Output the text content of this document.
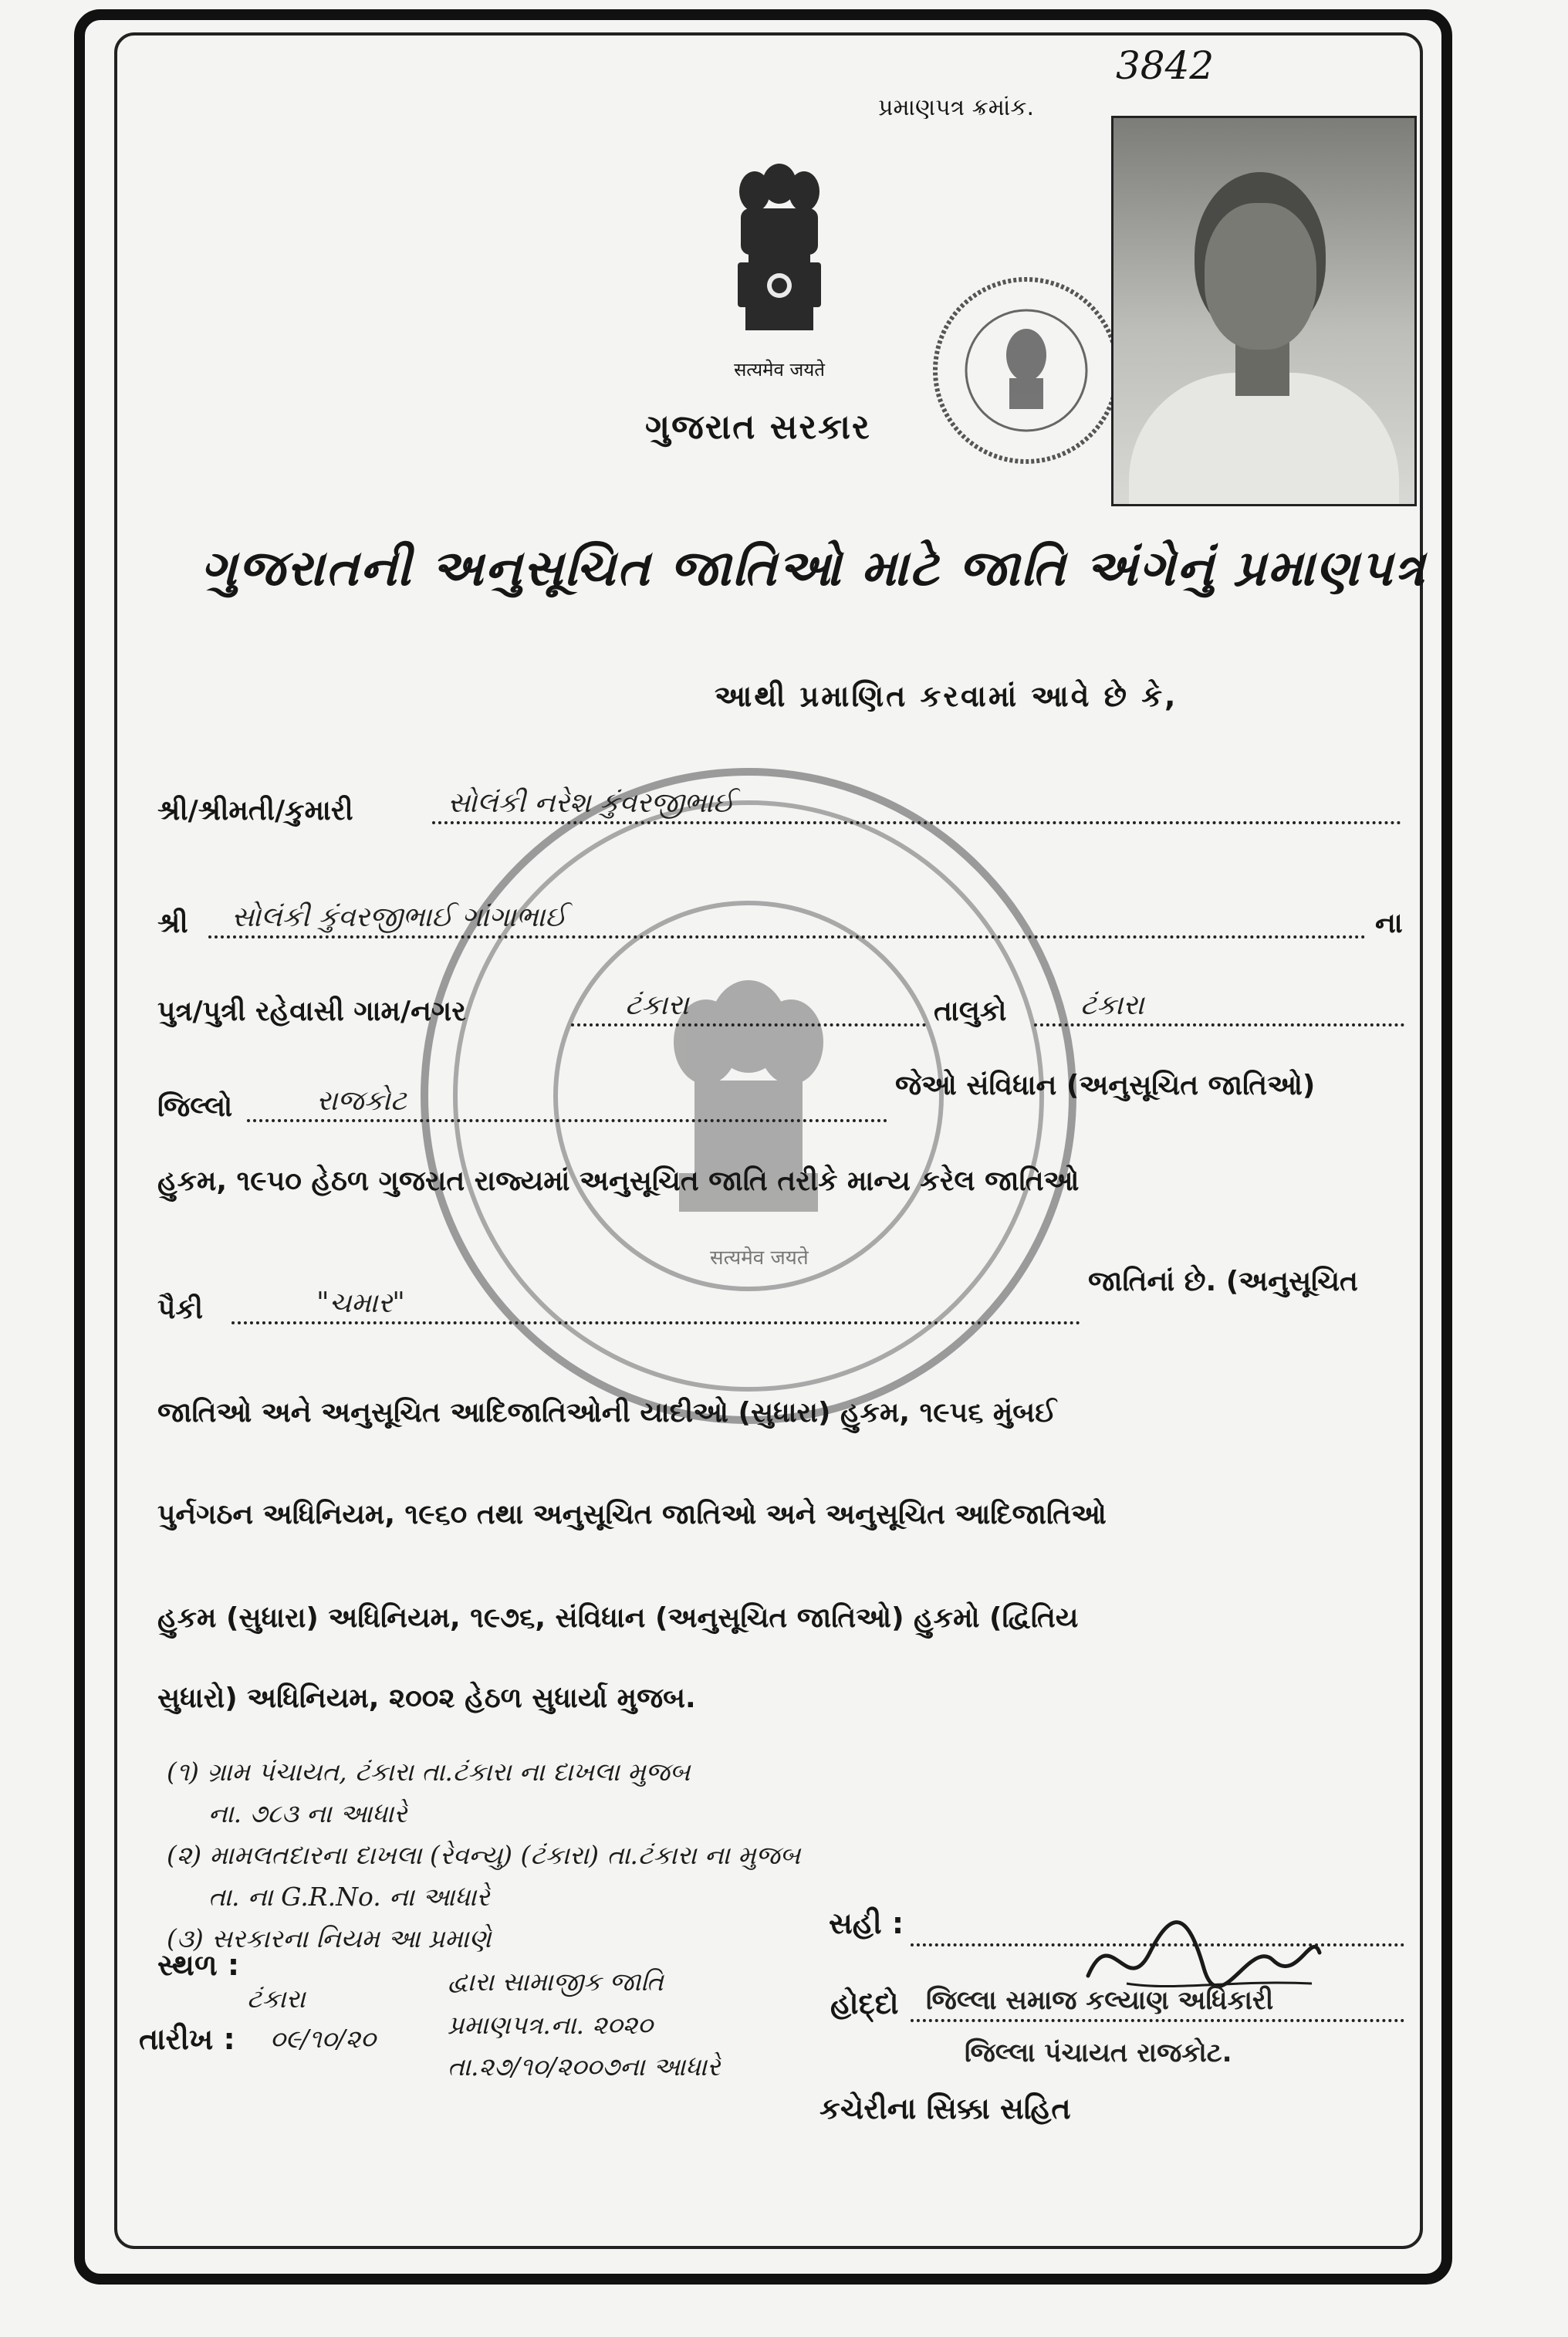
પ્રમાણપત્ર ક્રમાંક.
3842
सत्यमेव जयते
ગુજરાત સરકાર
ગુજરાતની અનુસૂચિત જાતિઓ માટે જાતિ અંગેનું પ્રમાણપત્ર
આથી પ્રમાણિત કરવામાં આવે છે કે,
सत्यमेव जयते
શ્રી/શ્રીમતી/કુમારી	સોલંકી નરેશ કુંવરજીભાઈ
શ્રી	સોલંકી કુંવરજીભાઈ ગાંગાભાઈ	ના
પુત્ર/પુત્રી રહેવાસી ગામ/નગર	ટંકારા	તાલુકો	ટંકારા
જિલ્લો	રાજકોટ	જેઓ સંવિધાન (અનુસૂચિત જાતિઓ)
હુકમ, ૧૯૫૦ હેઠળ ગુજરાત રાજ્યમાં અનુસૂચિત જાતિ તરીકે માન્ય કરેલ જાતિઓ
પૈકી	"ચમાર"
જાતિનાં છે. (અનુસૂચિત
જાતિઓ અને અનુસૂચિત આદિજાતિઓની યાદીઓ (સુધારા) હુકમ, ૧૯૫૬ મુંબઈ
પુર્નગઠન અધિનિયમ, ૧૯૬૦ તથા અનુસૂચિત જાતિઓ અને અનુસૂચિત આદિજાતિઓ
હુકમ (સુધારા) અધિનિયમ, ૧૯૭૬, સંવિધાન (અનુસૂચિત જાતિઓ) હુકમો (દ્વિતિય
સુધારો) અધિનિયમ, ૨૦૦૨ હેઠળ સુધાર્યા મુજબ.
(૧) ગ્રામ પંચાયત, ટંકારા તા.ટંકારા ના દાખલા મુજબ
ના. ૭૮૩ ના આધારે
(૨) મામલતદારના દાખલા (રેવન્યુ) (ટંકારા) તા.ટંકારા ના મુજબ
તા. ના G.R.No. ના આધારે
(૩) સરકારના નિયમ આ પ્રમાણે
દ્વારા સામાજીક જાતિ
પ્રમાણપત્ર.ના. ૨૦૨૦
તા.૨૭/૧૦/૨૦૦૭ના આધારે
સ્થળ :
ટંકારા
તારીખ : ૦૯/૧૦/૨૦
સહી :
હોદ્દો	જિલ્લા સમાજ કલ્યાણ અધિકારી
જિલ્લા પંચાયત રાજકોટ.
કચેરીના સિક્કા સહિત
